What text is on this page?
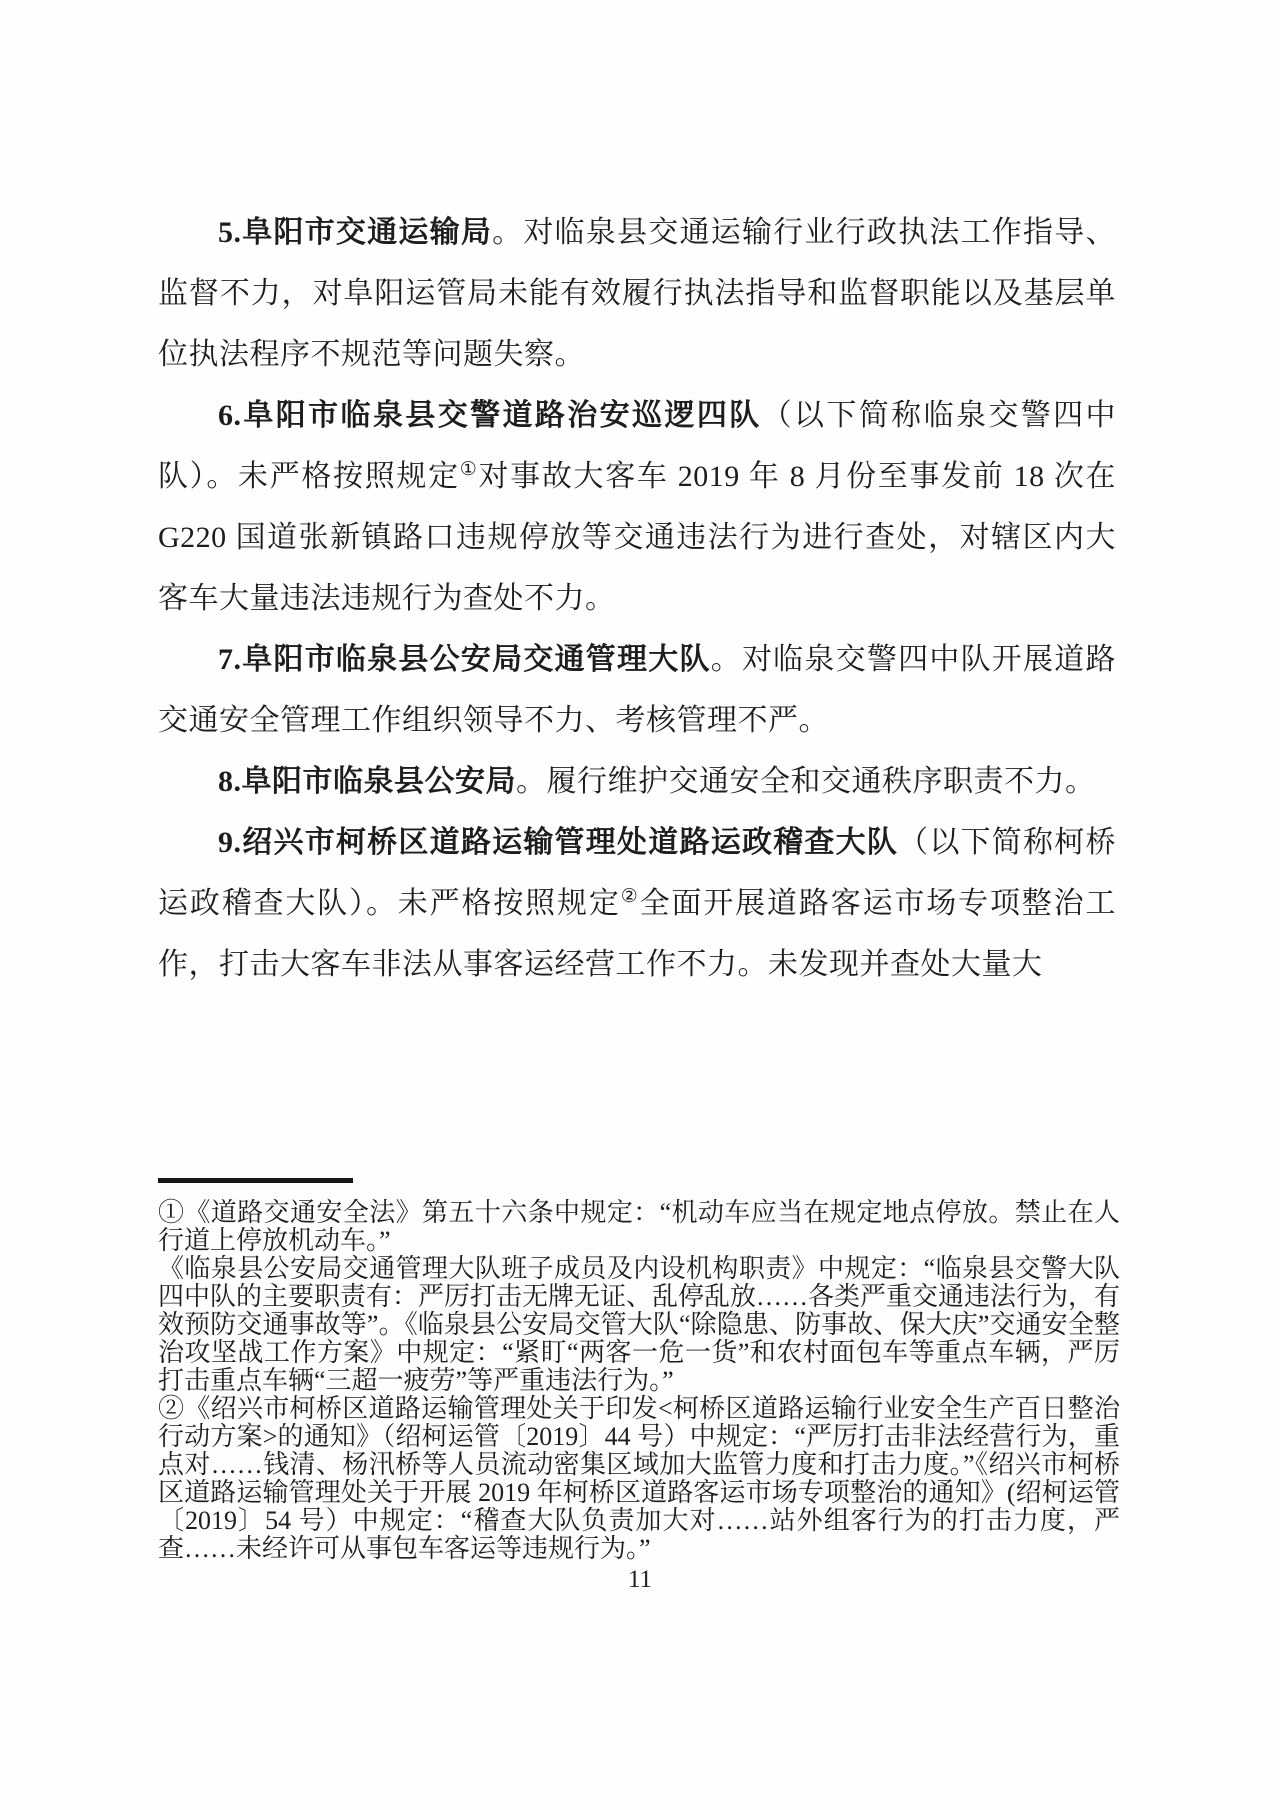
5.阜阳市交通运输局。对临泉县交通运输行业行政执法工作指导、监督不力，对阜阳运管局未能有效履行执法指导和监督职能以及基层单位执法程序不规范等问题失察。

6.阜阳市临泉县交警道路治安巡逻四队（以下简称临泉交警四中队）。未严格按照规定①对事故大客车 2019 年 8 月份至事发前 18 次在 G220 国道张新镇路口违规停放等交通违法行为进行查处，对辖区内大客车大量违法违规行为查处不力。

7.阜阳市临泉县公安局交通管理大队。对临泉交警四中队开展道路交通安全管理工作组织领导不力、考核管理不严。

8.阜阳市临泉县公安局。履行维护交通安全和交通秩序职责不力。

9.绍兴市柯桥区道路运输管理处道路运政稽查大队（以下简称柯桥运政稽查大队）。未严格按照规定②全面开展道路客运市场专项整治工作，打击大客车非法从事客运经营工作不力。未发现并查处大量大

①《道路交通安全法》第五十六条中规定：“机动车应当在规定地点停放。禁止在人行道上停放机动车。”

《临泉县公安局交通管理大队班子成员及内设机构职责》中规定：“临泉县交警大队四中队的主要职责有：严厉打击无牌无证、乱停乱放……各类严重交通违法行为，有效预防交通事故等”。《临泉县公安局交管大队“除隐患、防事故、保大庆”交通安全整治攻坚战工作方案》中规定：“紧盯“两客一危一货”和农村面包车等重点车辆，严厉打击重点车辆“三超一疲劳”等严重违法行为。”

②《绍兴市柯桥区道路运输管理处关于印发<柯桥区道路运输行业安全生产百日整治行动方案>的通知》（绍柯运管〔2019〕44 号）中规定：“严厉打击非法经营行为，重点对……钱清、杨汛桥等人员流动密集区域加大监管力度和打击力度。”《绍兴市柯桥区道路运输管理处关于开展 2019 年柯桥区道路客运市场专项整治的通知》(绍柯运管〔2019〕54 号）中规定：“稽查大队负责加大对……站外组客行为的打击力度，严查……未经许可从事包车客运等违规行为。”

11
